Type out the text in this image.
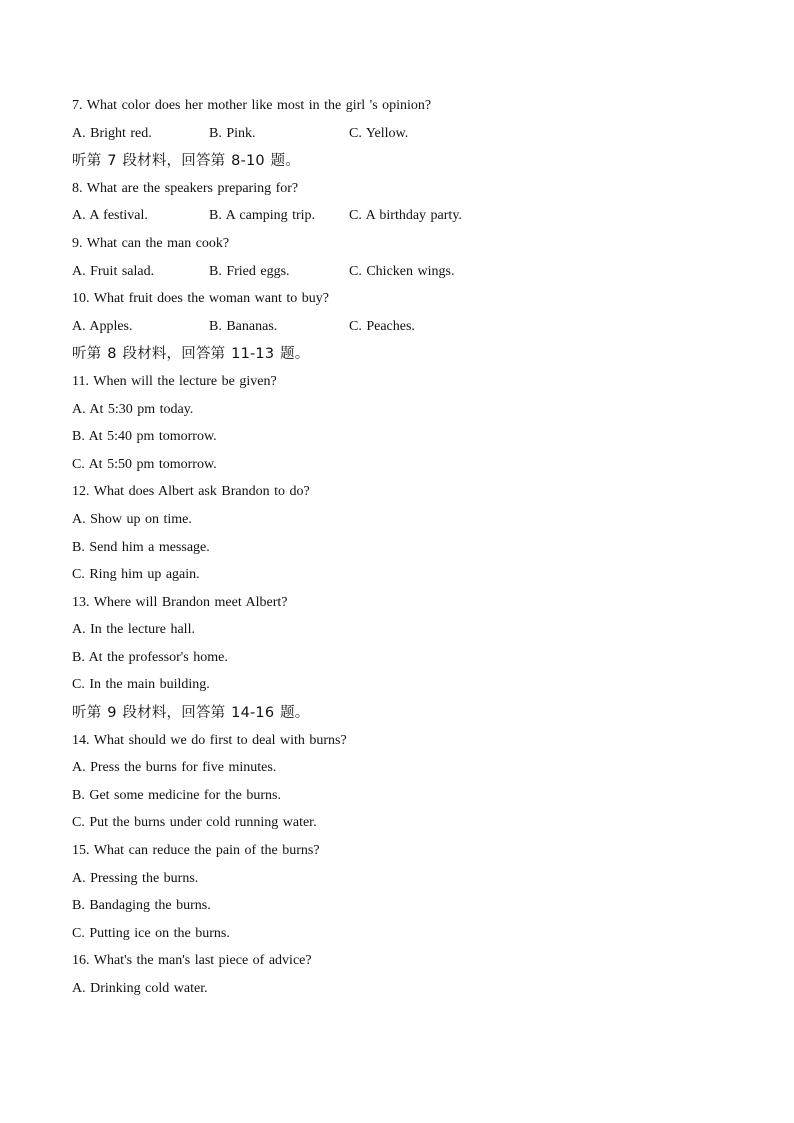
7. What color does her mother like most in the girl 's opinion?
A. Bright red.	B. Pink.	C. Yellow.
听第 7 段材料，回答第 8-10 题。
8. What are the speakers preparing for?
A. A festival.	B. A camping trip. C. A birthday party.
9. What can the man cook?
A. Fruit salad.	B. Fried eggs.	C. Chicken wings.
10. What fruit does the woman want to buy?
A. Apples.	B. Bananas.	C. Peaches.
听第 8 段材料，回答第 11-13 题。
11. When will the lecture be given?
A. At 5:30 pm today.
B. At 5:40 pm tomorrow.
C. At 5:50 pm tomorrow.
12. What does Albert ask Brandon to do?
A. Show up on time.
B. Send him a message.
C. Ring him up again.
13. Where will Brandon meet Albert?
A. In the lecture hall.
B. At the professor's home.
C. In the main building.
听第 9 段材料，回答第 14-16 题。
14. What should we do first to deal with burns?
A. Press the burns for five minutes.
B. Get some medicine for the burns.
C. Put the burns under cold running water.
15. What can reduce the pain of the burns?
A. Pressing the burns.
B. Bandaging the burns.
C. Putting ice on the burns.
16. What's the man's last piece of advice?
A. Drinking cold water.
